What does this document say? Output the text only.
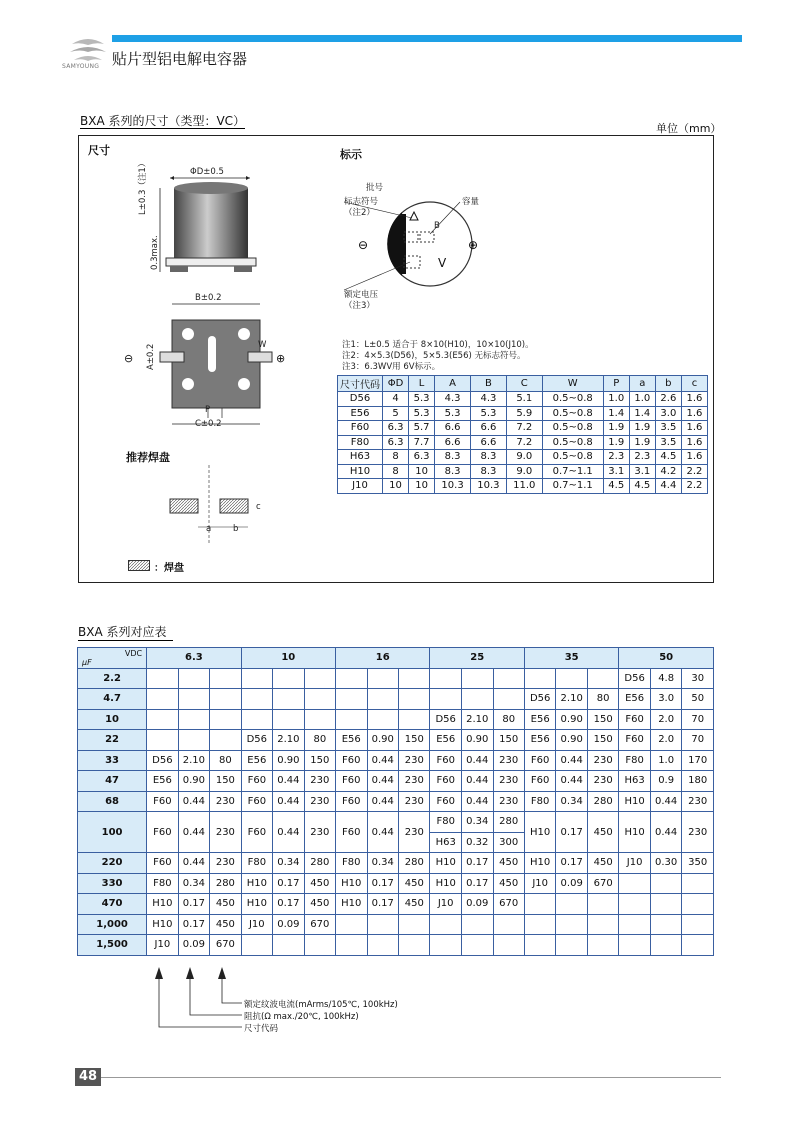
SAMYOUNG 贴片型铝电解电容器
BXA 系列的尺寸（类型：VC）
单位（mm）
尺寸	标示
ΦD±0.5
L±0.3（注1）
0.3max.
B±0.2
⊖	⊕
A±0.2	W
P
C±0.2
⊖	⊕
批号
标志符号
（注2）
容量
额定电压
（注3）
V
B
注1：L±0.5 适合于 8×10(H10)，10×10(J10)。
注2：4×5.3(D56)，5×5.3(E56) 无标志符号。
注3：6.3WV用 6V标示。
尺寸代码	ΦD	L	A	B	C	W	P	a	b	c
D56	4	5.3	4.3	4.3	5.1	0.5~0.8	1.0	1.0	2.6	1.6
E56	5	5.3	5.3	5.3	5.9	0.5~0.8	1.4	1.4	3.0	1.6
F60	6.3	5.7	6.6	6.6	7.2	0.5~0.8	1.9	1.9	3.5	1.6
F80	6.3	7.7	6.6	6.6	7.2	0.5~0.8	1.9	1.9	3.5	1.6
H63	8	6.3	8.3	8.3	9.0	0.5~0.8	2.3	2.3	4.5	1.6
H10	8	10	8.3	8.3	9.0	0.7~1.1	3.1	3.1	4.2	2.2
J10	10	10	10.3	10.3	11.0	0.7~1.1	4.5	4.5	4.4	2.2
推荐焊盘
a	b
c
：焊盘
BXA 系列对应表
VDC
μF	6.3			10			16			25			35			50		
2.2																D56	4.8	30
4.7													D56	2.10	80	E56	3.0	50
10										D56	2.10	80	E56	0.90	150	F60	2.0	70
22				D56	2.10	80	E56	0.90	150	E56	0.90	150	E56	0.90	150	F60	2.0	70
33	D56	2.10	80	E56	0.90	150	F60	0.44	230	F60	0.44	230	F60	0.44	230	F80	1.0	170
47	E56	0.90	150	F60	0.44	230	F60	0.44	230	F60	0.44	230	F60	0.44	230	H63	0.9	180
68	F60	0.44	230	F60	0.44	230	F60	0.44	230	F60	0.44	230	F80	0.34	280	H10	0.44	230
100	F60	0.44	230	F60	0.44	230	F60	0.44	230	F80	0.34	280	H10	0.17	450	H10	0.44	230
										H63	0.32	300						
220	F60	0.44	230	F80	0.34	280	F80	0.34	280	H10	0.17	450	H10	0.17	450	J10	0.30	350
330	F80	0.34	280	H10	0.17	450	H10	0.17	450	H10	0.17	450	J10	0.09	670			
470	H10	0.17	450	H10	0.17	450	H10	0.17	450	J10	0.09	670						
1,000	H10	0.17	450	J10	0.09	670												
1,500	J10	0.09	670															
额定纹波电流(mArms/105℃, 100kHz)
阻抗(Ω max./20℃, 100kHz)
尺寸代码
48
